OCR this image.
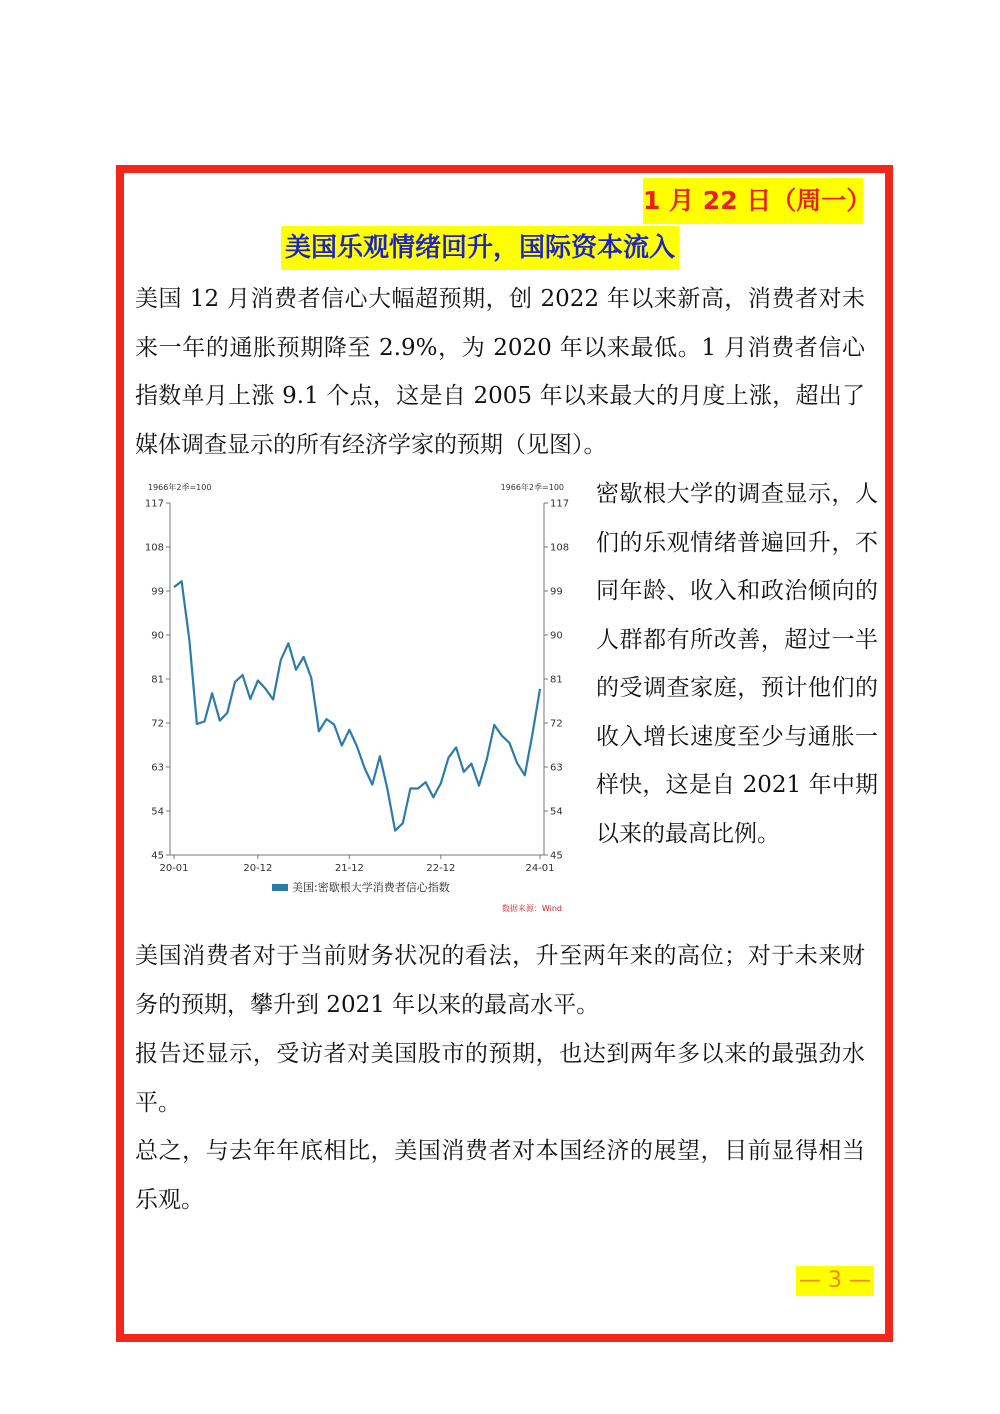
1 月 22 日（周一）
美国乐观情绪回升，国际资本流入

美国 12 月消费者信心大幅超预期，创 2022 年以来新高，消费者对未来一年的通胀预期降至 2.9%，为 2020 年以来最低。1 月消费者信心指数单月上涨 9.1 个点，这是自 2005 年以来最大的月度上涨，超出了媒体调查显示的所有经济学家的预期（见图）。

1966年2季=100	1966年2季=100
117
108
99
90
81
72
63
54
45
117
108
99
90
81
72
63
54
45
20-01	20-12	21-12	22-12	24-01
美国:密歇根大学消费者信心指数
数据来源：Wind

密歇根大学的调查显示，人们的乐观情绪普遍回升，不同年龄、收入和政治倾向的人群都有所改善，超过一半的受调查家庭，预计他们的收入增长速度至少与通胀一样快，这是自 2021 年中期以来的最高比例。

美国消费者对于当前财务状况的看法，升至两年来的高位；对于未来财务的预期，攀升到 2021 年以来的最高水平。

报告还显示，受访者对美国股市的预期，也达到两年多以来的最强劲水平。

总之，与去年年底相比，美国消费者对本国经济的展望，目前显得相当乐观。

— 3 —
